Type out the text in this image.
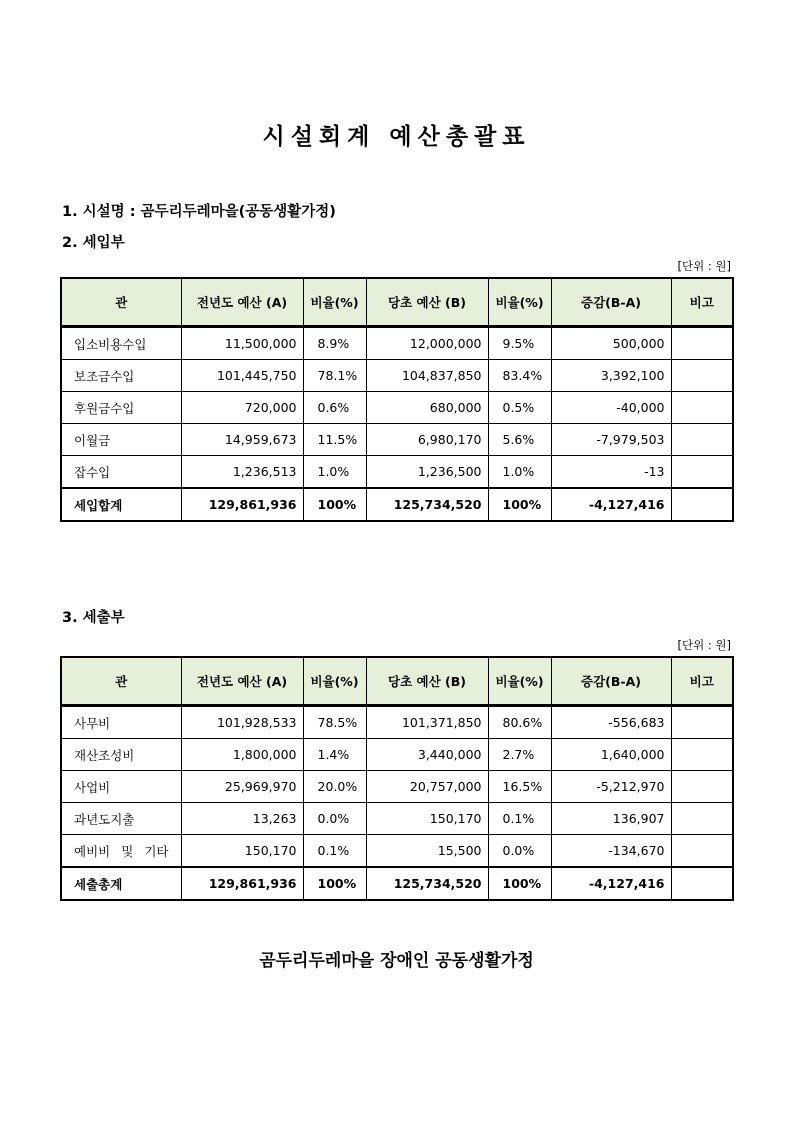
시설회계 예산총괄표
1. 시설명 : 곰두리두레마을(공동생활가정)
2. 세입부
[단위 : 원]
관	전년도 예산 (A)	비율(%)	당초 예산 (B)	비율(%)	증감(B-A)	비고
입소비용수입	11,500,000	8.9%	12,000,000	9.5%	500,000	
보조금수입	101,445,750	78.1%	104,837,850	83.4%	3,392,100	
후원금수입	720,000	0.6%	680,000	0.5%	-40,000	
이월금	14,959,673	11.5%	6,980,170	5.6%	-7,979,503	
잡수입	1,236,513	1.0%	1,236,500	1.0%	-13	
세입합계	129,861,936	100%	125,734,520	100%	-4,127,416	
3. 세출부
[단위 : 원]
관	전년도 예산 (A)	비율(%)	당초 예산 (B)	비율(%)	증감(B-A)	비고
사무비	101,928,533	78.5%	101,371,850	80.6%	-556,683	
재산조성비	1,800,000	1.4%	3,440,000	2.7%	1,640,000	
사업비	25,969,970	20.0%	20,757,000	16.5%	-5,212,970	
과년도지출	13,263	0.0%	150,170	0.1%	136,907	
예비비 및 기타	150,170	0.1%	15,500	0.0%	-134,670	
세출총계	129,861,936	100%	125,734,520	100%	-4,127,416	
곰두리두레마을 장애인 공동생활가정
